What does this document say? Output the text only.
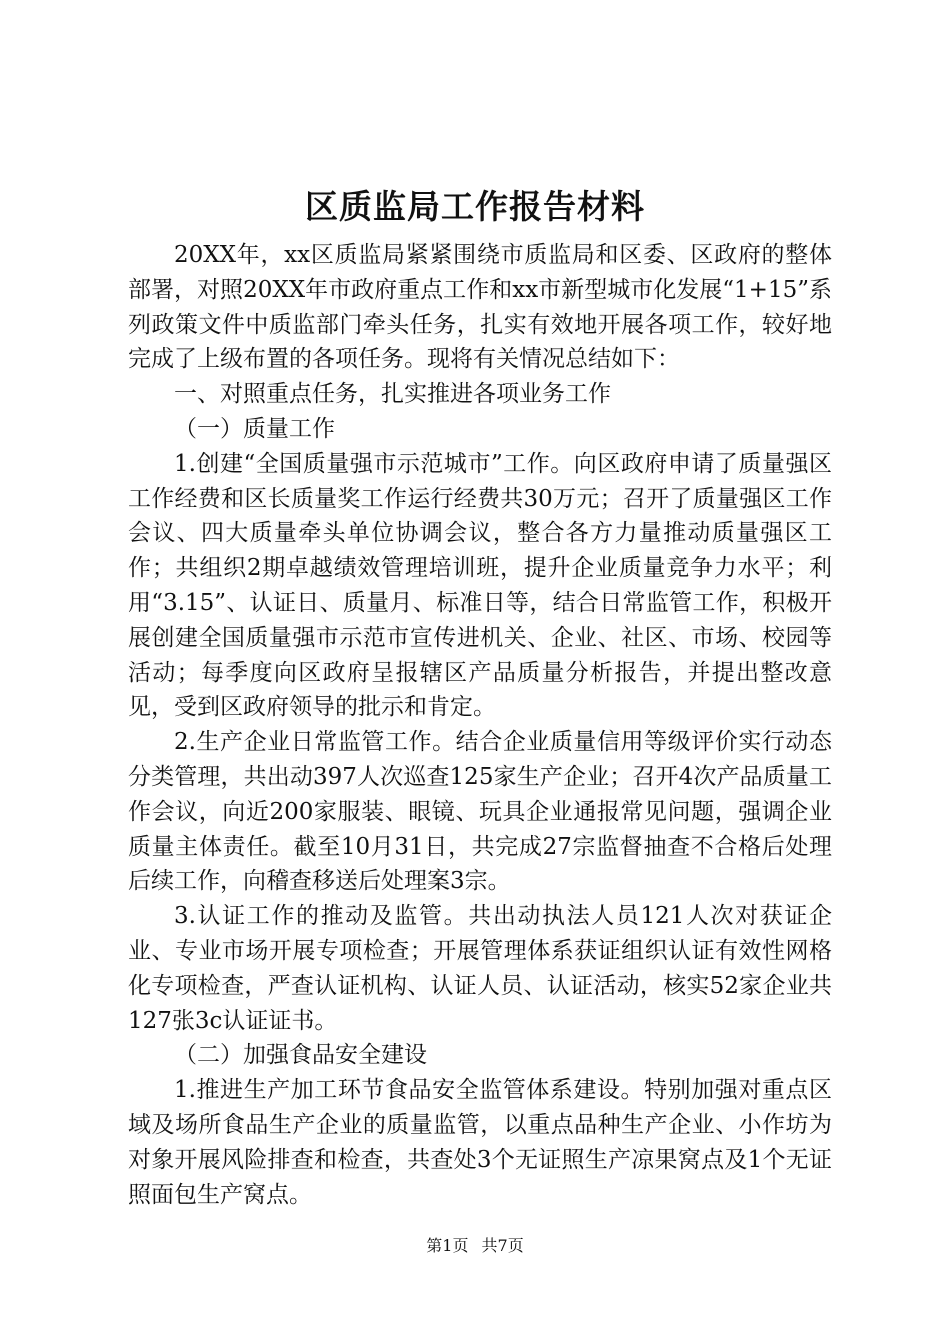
区质监局工作报告材料

20XX年，xx区质监局紧紧围绕市质监局和区委、区政府的整体部署，对照20XX年市政府重点工作和xx市新型城市化发展“1+15”系列政策文件中质监部门牵头任务，扎实有效地开展各项工作，较好地完成了上级布置的各项任务。现将有关情况总结如下：

一、对照重点任务，扎实推进各项业务工作

（一）质量工作

1.创建“全国质量强市示范城市”工作。向区政府申请了质量强区工作经费和区长质量奖工作运行经费共30万元；召开了质量强区工作会议、四大质量牵头单位协调会议，整合各方力量推动质量强区工作；共组织2期卓越绩效管理培训班，提升企业质量竞争力水平；利用“3.15”、认证日、质量月、标准日等，结合日常监管工作，积极开展创建全国质量强市示范市宣传进机关、企业、社区、市场、校园等活动；每季度向区政府呈报辖区产品质量分析报告，并提出整改意见，受到区政府领导的批示和肯定。

2.生产企业日常监管工作。结合企业质量信用等级评价实行动态分类管理，共出动397人次巡查125家生产企业；召开4次产品质量工作会议，向近200家服装、眼镜、玩具企业通报常见问题，强调企业质量主体责任。截至10月31日，共完成27宗监督抽查不合格后处理后续工作，向稽查移送后处理案3宗。

3.认证工作的推动及监管。共出动执法人员121人次对获证企业、专业市场开展专项检查；开展管理体系获证组织认证有效性网格化专项检查，严查认证机构、认证人员、认证活动，核实52家企业共127张3c认证证书。

（二）加强食品安全建设

1.推进生产加工环节食品安全监管体系建设。特别加强对重点区域及场所食品生产企业的质量监管，以重点品种生产企业、小作坊为对象开展风险排查和检查，共查处3个无证照生产凉果窝点及1个无证照面包生产窝点。

第1页 共7页
